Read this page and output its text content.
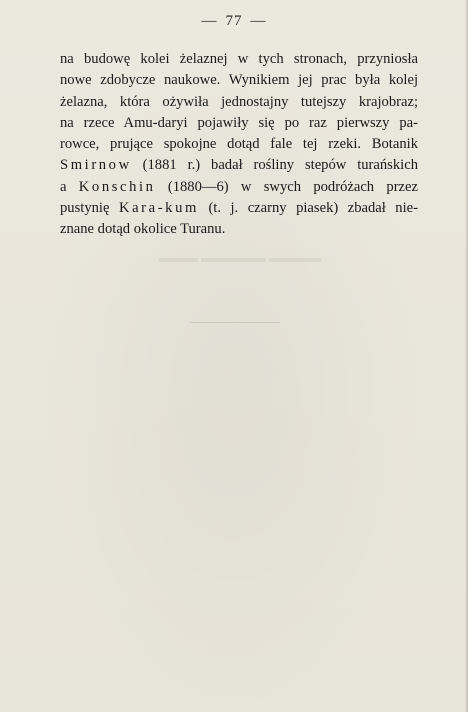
▬▬▬ ▬▬▬▬▬ ▬▬▬▬
— 77 —
na budowę kolei żelaznej w tych stronach, przyniosła
nowe zdobycze naukowe. Wynikiem jej prac była kolej
żelazna, która ożywiła jednostajny tutejszy krajobraz;
na rzece Amu-daryi pojawiły się po raz pierwszy pa-
rowce, prujące spokojne dotąd fale tej rzeki. Botanik
Smirnow (1881 r.) badał rośliny stepów turańskich
a Konschin (1880—6) w swych podróżach przez
pustynię Kara-kum (t. j. czarny piasek) zbadał nie-
znane dotąd okolice Turanu.
